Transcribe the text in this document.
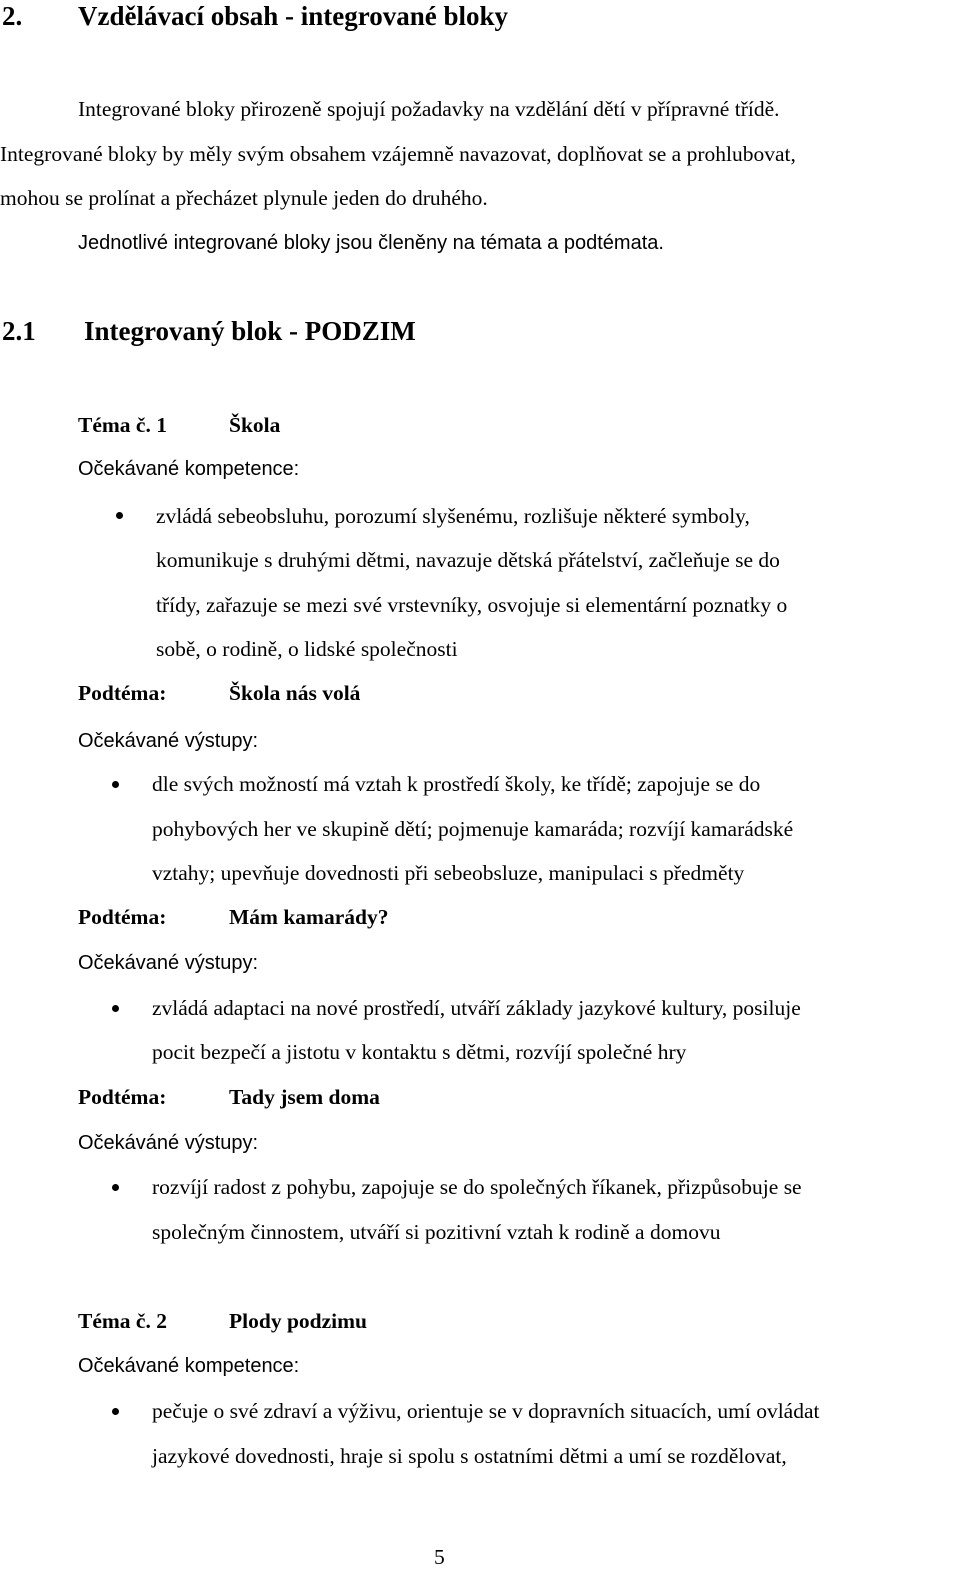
2. Vzdělávací obsah - integrované bloky
Integrované bloky přirozeně spojují požadavky na vzdělání dětí v přípravné třídě.
Integrované bloky by měly svým obsahem vzájemně navazovat, doplňovat se a prohlubovat,
mohou se prolínat a přecházet plynule jeden do druhého.
Jednotlivé integrované bloky jsou členěny na témata a podtémata.
2.1 Integrovaný blok - PODZIM
Téma č. 1	Škola
Očekávané kompetence:
zvládá sebeobsluhu, porozumí slyšenému, rozlišuje některé symboly,
komunikuje s druhými dětmi, navazuje dětská přátelství, začleňuje se do
třídy, zařazuje se mezi své vrstevníky, osvojuje si elementární poznatky o
sobě, o rodině, o lidské společnosti
Podtéma:	Škola nás volá
Očekávané výstupy:
dle svých možností má vztah k prostředí školy, ke třídě; zapojuje se do
pohybových her ve skupině dětí; pojmenuje kamaráda; rozvíjí kamarádské
vztahy; upevňuje dovednosti při sebeobsluze, manipulaci s předměty
Podtéma:	Mám kamarády?
Očekávané výstupy:
zvládá adaptaci na nové prostředí, utváří základy jazykové kultury, posiluje
pocit bezpečí a jistotu v kontaktu s dětmi, rozvíjí společné hry
Podtéma:	Tady jsem doma
Očekáváné výstupy:
rozvíjí radost z pohybu, zapojuje se do společných říkanek, přizpůsobuje se
společným činnostem, utváří si pozitivní vztah k rodině a domovu
Téma č. 2	Plody podzimu
Očekávané kompetence:
pečuje o své zdraví a výživu, orientuje se v dopravních situacích, umí ovládat
jazykové dovednosti, hraje si spolu s ostatními dětmi a umí se rozdělovat,
5
